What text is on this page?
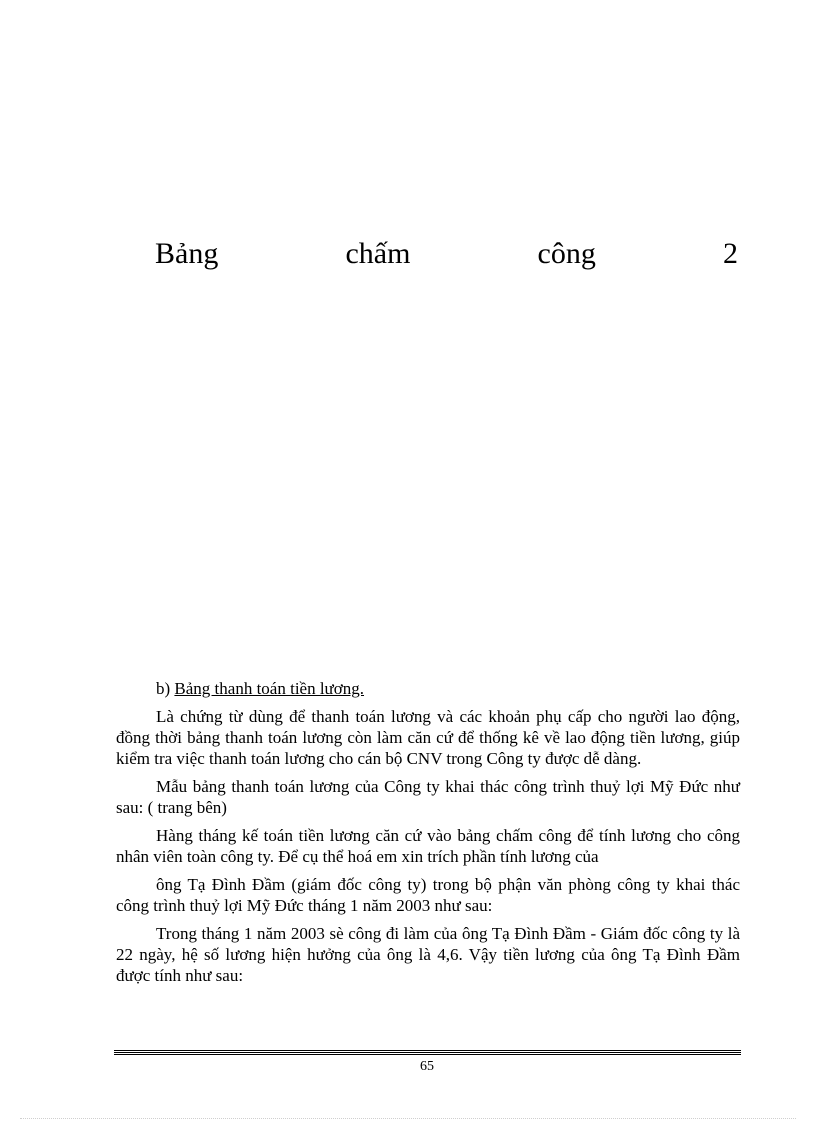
Bảng	chấm	công	2

b) Bảng thanh toán tiền lương.

Là chứng từ dùng để thanh toán lương và các khoản phụ cấp cho người lao động, đồng thời bảng thanh toán lương còn làm căn cứ để thống kê về lao động tiền lương, giúp kiểm tra việc thanh toán lương cho cán bộ CNV trong Công ty được dễ dàng.

Mẫu bảng thanh toán lương của Công ty khai thác công trình thuỷ lợi Mỹ Đức như sau: ( trang bên)

Hàng tháng kế toán tiền lương căn cứ vào bảng chấm công để tính lương cho công nhân viên toàn công ty. Để cụ thể hoá em xin trích phần tính lương của

ông Tạ Đình Đầm (giám đốc công ty) trong bộ phận văn phòng công ty khai thác công trình thuỷ lợi Mỹ Đức tháng 1 năm 2003 như sau:

Trong tháng 1 năm 2003 sè công đi làm của ông Tạ Đình Đầm - Giám đốc công ty là 22 ngày, hệ số lương hiện hưởng của ông là 4,6. Vậy tiền lương của ông Tạ Đình Đầm được tính như sau:

65
